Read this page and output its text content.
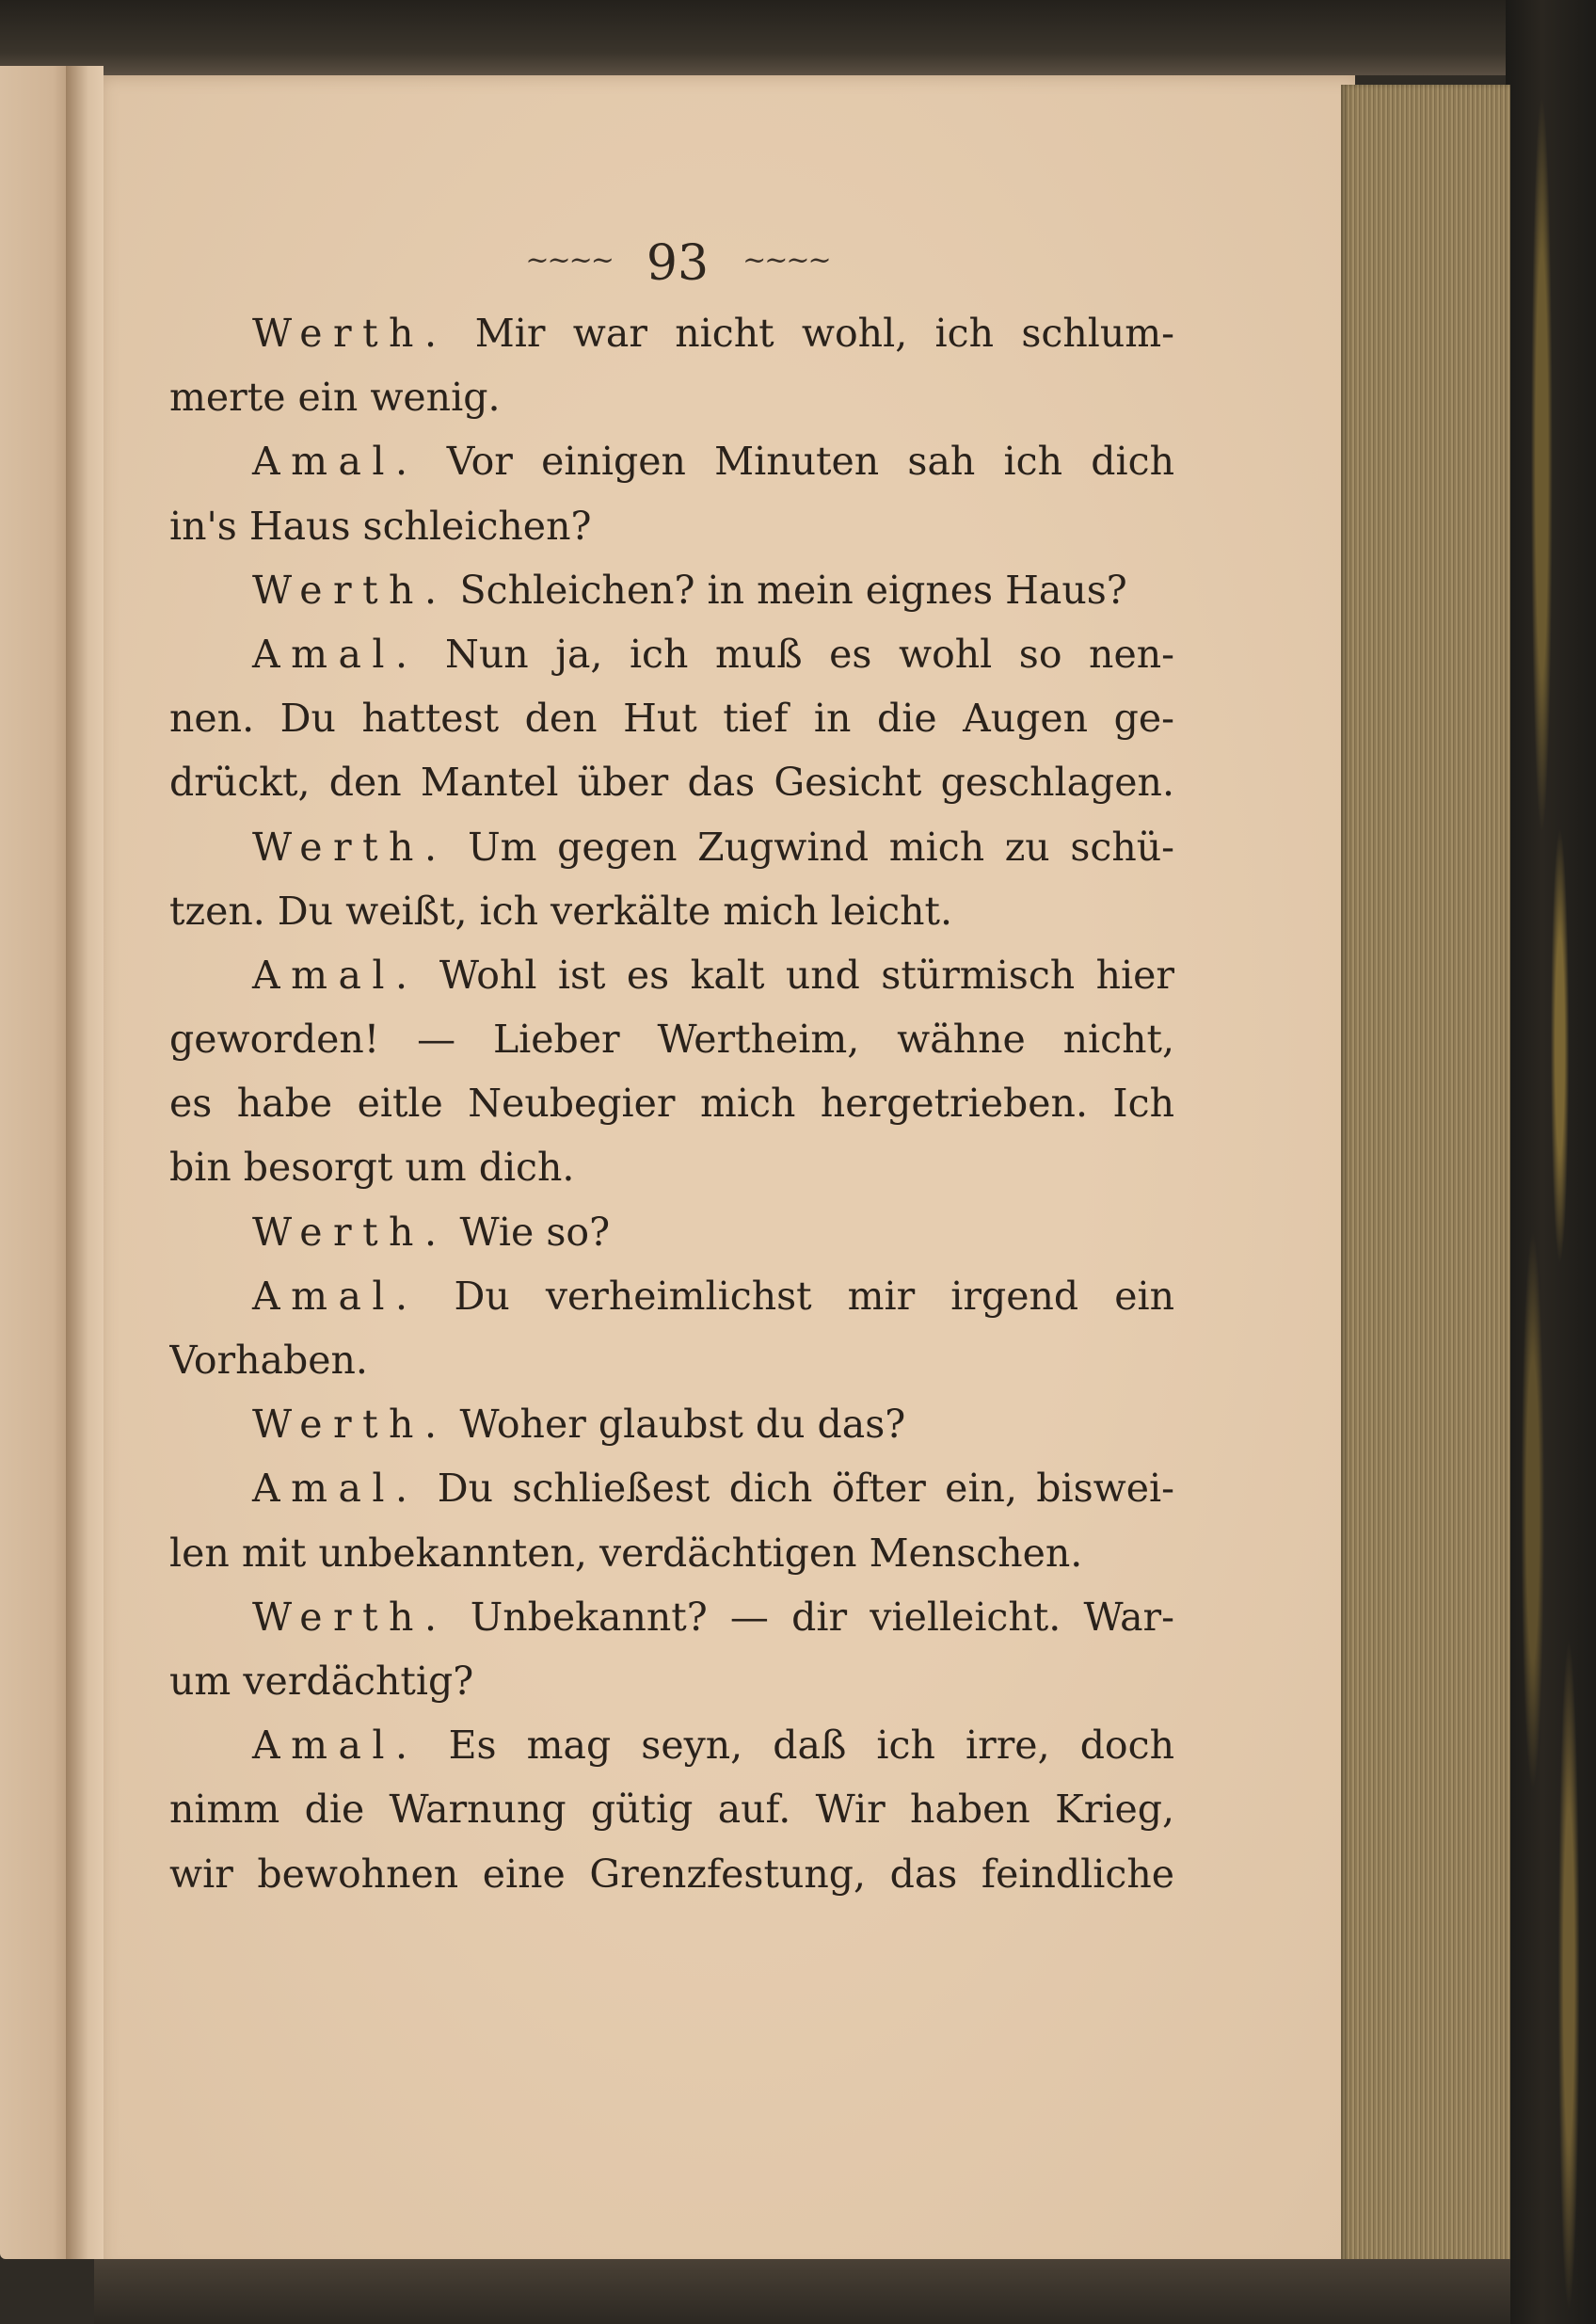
~~~~ 93 ~~~~
Werth. Mir war nicht wohl, ich schlum-
merte ein wenig.
Amal. Vor einigen Minuten sah ich dich
in's Haus schleichen?
Werth. Schleichen? in mein eignes Haus?
Amal. Nun ja, ich muß es wohl so nen-
nen. Du hattest den Hut tief in die Augen ge-
drückt, den Mantel über das Gesicht geschlagen.
Werth. Um gegen Zugwind mich zu schü-
tzen. Du weißt, ich verkälte mich leicht.
Amal. Wohl ist es kalt und stürmisch hier
geworden! — Lieber Wertheim, wähne nicht,
es habe eitle Neubegier mich hergetrieben. Ich
bin besorgt um dich.
Werth. Wie so?
Amal. Du verheimlichst mir irgend ein
Vorhaben.
Werth. Woher glaubst du das?
Amal. Du schließest dich öfter ein, biswei-
len mit unbekannten, verdächtigen Menschen.
Werth. Unbekannt? — dir vielleicht. War-
um verdächtig?
Amal. Es mag seyn, daß ich irre, doch
nimm die Warnung gütig auf. Wir haben Krieg,
wir bewohnen eine Grenzfestung, das feindliche
